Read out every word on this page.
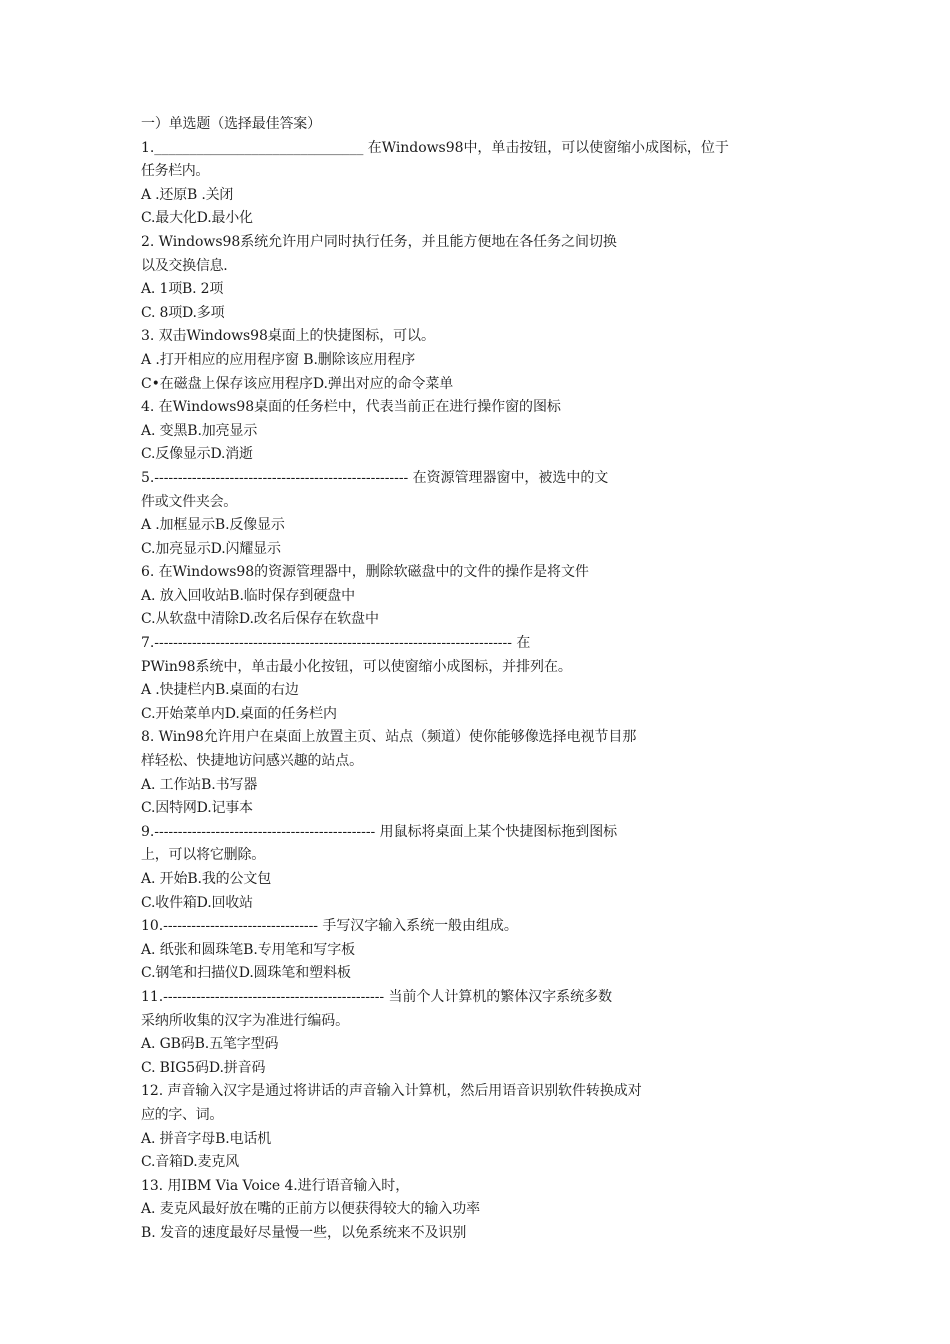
一）单选题（选择最佳答案）
1.______________________________ 在Windows98中，单击按钮，可以使窗缩小成图标，位于
任务栏内。
A .还原B .关闭
C.最大化D.最小化
2. Windows98系统允许用户同时执行任务，并且能方便地在各任务之间切换
以及交换信息.
A. 1项B. 2项
C. 8项D.多项
3. 双击Windows98桌面上的快捷图标，可以。
A .打开相应的应用程序窗 B.删除该应用程序
C•在磁盘上保存该应用程序D.弹出对应的命令菜单
4. 在Windows98桌面的任务栏中，代表当前正在进行操作窗的图标
A. 变黑B.加亮显示
C.反像显示D.消逝
5.------------------------------------------------------ 在资源管理器窗中，被选中的文
件或文件夹会。
A .加框显示B.反像显示
C.加亮显示D.闪耀显示
6. 在Windows98的资源管理器中，删除软磁盘中的文件的操作是将文件
A. 放入回收站B.临时保存到硬盘中
C.从软盘中清除D.改名后保存在软盘中
7.---------------------------------------------------------------------------- 在
PWin98系统中，单击最小化按钮，可以使窗缩小成图标，并排列在。
A .快捷栏内B.桌面的右边
C.开始菜单内D.桌面的任务栏内
8. Win98允许用户在桌面上放置主页、站点（频道）使你能够像选择电视节目那
样轻松、快捷地访问感兴趣的站点。
A. 工作站B.书写器
C.因特网D.记事本
9.----------------------------------------------- 用鼠标将桌面上某个快捷图标拖到图标
上，可以将它删除。
A. 开始B.我的公文包
C.收件箱D.回收站
10.--------------------------------- 手写汉字输入系统一般由组成。
A. 纸张和圆珠笔B.专用笔和写字板
C.钢笔和扫描仪D.圆珠笔和塑料板
11.----------------------------------------------- 当前个人计算机的繁体汉字系统多数
采纳所收集的汉字为准进行编码。
A. GB码B.五笔字型码
C. BIG5码D.拼音码
12. 声音输入汉字是通过将讲话的声音输入计算机，然后用语音识别软件转换成对
应的字、词。
A. 拼音字母B.电话机
C.音箱D.麦克风
13. 用IBM Via Voice 4.进行语音输入时，
A. 麦克风最好放在嘴的正前方以便获得较大的输入功率
B. 发音的速度最好尽量慢一些，以免系统来不及识别
